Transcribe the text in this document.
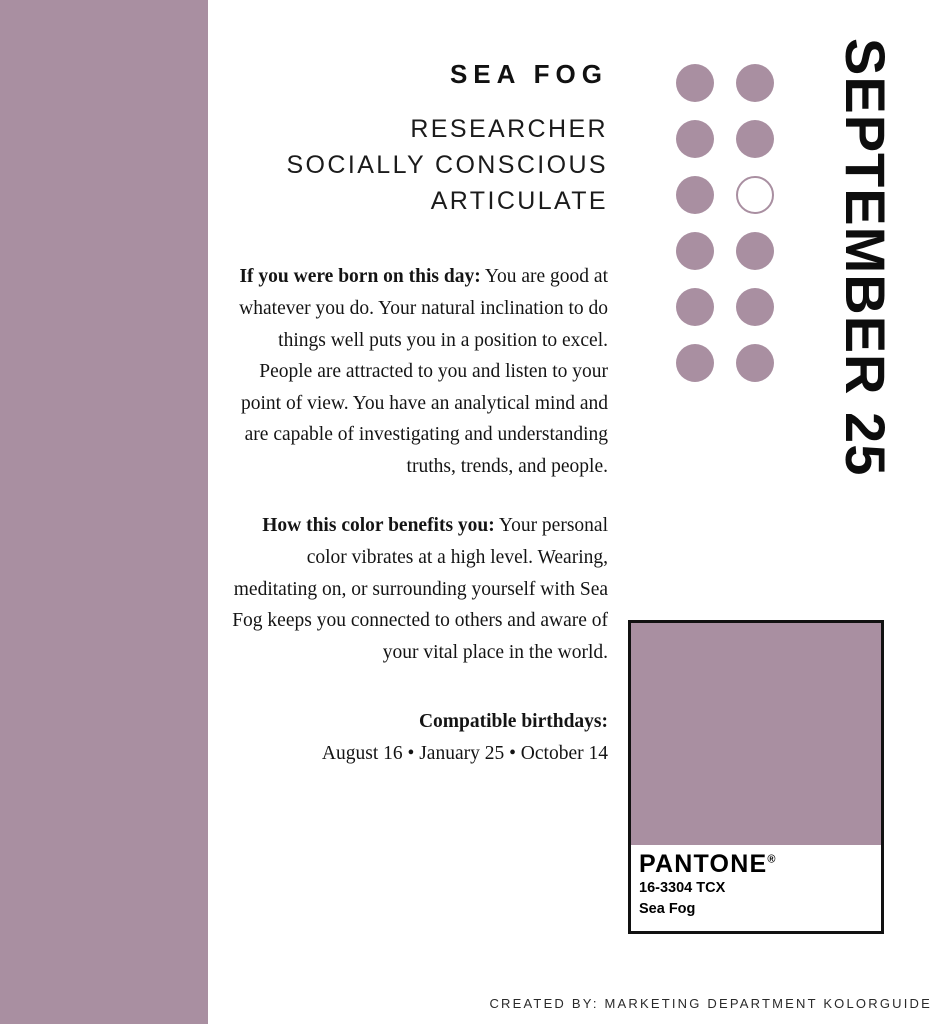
SEA FOG
RESEARCHER
SOCIALLY CONSCIOUS
ARTICULATE

If you were born on this day: You are good at whatever you do. Your natural inclination to do things well puts you in a position to excel. People are attracted to you and listen to your point of view. You have an analytical mind and are capable of investigating and understanding truths, trends, and people.

How this color benefits you: Your personal color vibrates at a high level. Wearing, meditating on, or surrounding yourself with Sea Fog keeps you connected to others and aware of your vital place in the world.

Compatible birthdays:
August 16 • January 25 • October 14

SEPTEMBER 25

PANTONE®

16-3304 TCX

Sea Fog

CREATED BY: MARKETING DEPARTMENT KOLORGUIDE
